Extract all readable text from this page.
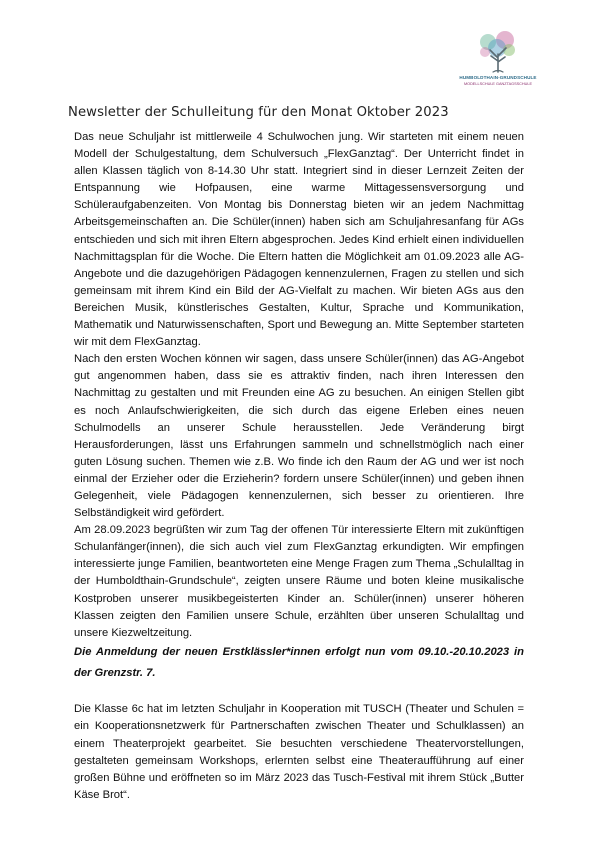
HUMBOLDTHAIN-GRUNDSCHULE
MODELLSCHULE GANZTAGSSCHULE
Newsletter der Schulleitung für den Monat Oktober 2023

Das neue Schuljahr ist mittlerweile 4 Schulwochen jung. Wir starteten mit einem neuen Modell der Schulgestaltung, dem Schulversuch „FlexGanztag“. Der Unterricht findet in allen Klassen täglich von 8-14.30 Uhr statt. Integriert sind in dieser Lernzeit Zeiten der Entspannung wie Hofpausen, eine warme Mittagessensversorgung und Schüleraufgabenzeiten. Von Montag bis Donnerstag bieten wir an jedem Nachmittag Arbeitsgemeinschaften an. Die Schüler(innen) haben sich am Schuljahresanfang für AGs entschieden und sich mit ihren Eltern abgesprochen. Jedes Kind erhielt einen individuellen Nachmittagsplan für die Woche. Die Eltern hatten die Möglichkeit am 01.09.2023 alle AG-Angebote und die dazugehörigen Pädagogen kennenzulernen, Fragen zu stellen und sich gemeinsam mit ihrem Kind ein Bild der AG-Vielfalt zu machen. Wir bieten AGs aus den Bereichen Musik, künstlerisches Gestalten, Kultur, Sprache und Kommunikation, Mathematik und Naturwissenschaften, Sport und Bewegung an. Mitte September starteten wir mit dem FlexGanztag.

Nach den ersten Wochen können wir sagen, dass unsere Schüler(innen) das AG-Angebot gut angenommen haben, dass sie es attraktiv finden, nach ihren Interessen den Nachmittag zu gestalten und mit Freunden eine AG zu besuchen. An einigen Stellen gibt es noch Anlaufschwierigkeiten, die sich durch das eigene Erleben eines neuen Schulmodells an unserer Schule herausstellen. Jede Veränderung birgt Herausforderungen, lässt uns Erfahrungen sammeln und schnellstmöglich nach einer guten Lösung suchen. Themen wie z.B. Wo finde ich den Raum der AG und wer ist noch einmal der Erzieher oder die Erzieherin? fordern unsere Schüler(innen) und geben ihnen Gelegenheit, viele Pädagogen kennenzulernen, sich besser zu orientieren. Ihre Selbständigkeit wird gefördert.

Am 28.09.2023 begrüßten wir zum Tag der offenen Tür interessierte Eltern mit zukünftigen Schulanfänger(innen), die sich auch viel zum FlexGanztag erkundigten. Wir empfingen interessierte junge Familien, beantworteten eine Menge Fragen zum Thema „Schulalltag in der Humboldthain-Grundschule“, zeigten unsere Räume und boten kleine musikalische Kostproben unserer musikbegeisterten Kinder an. Schüler(innen) unserer höheren Klassen zeigten den Familien unsere Schule, erzählten über unseren Schulalltag und unsere Kiezweltzeitung.

Die Anmeldung der neuen Erstklässler*innen erfolgt nun vom 09.10.-20.10.2023 in der Grenzstr. 7.

Die Klasse 6c hat im letzten Schuljahr in Kooperation mit TUSCH (Theater und Schulen = ein Kooperationsnetzwerk für Partnerschaften zwischen Theater und Schulklassen) an einem Theaterprojekt gearbeitet. Sie besuchten verschiedene Theatervorstellungen, gestalteten gemeinsam Workshops, erlernten selbst eine Theateraufführung auf einer großen Bühne und eröffneten so im März 2023 das Tusch-Festival mit ihrem Stück „Butter Käse Brot“.
